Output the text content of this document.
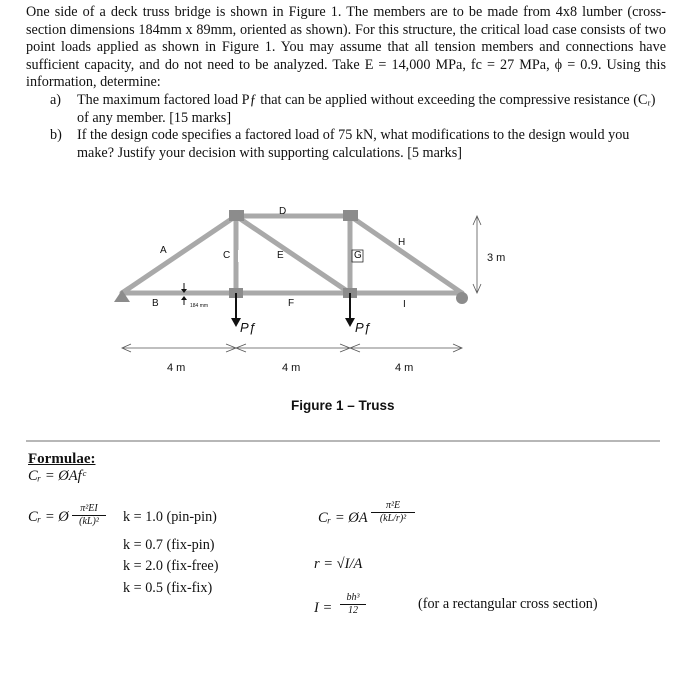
One side of a deck truss bridge is shown in Figure 1. The members are to be made from 4x8 lumber (cross-section dimensions 184mm x 89mm, oriented as shown). For this structure, the critical load case consists of two point loads applied as shown in Figure 1. You may assume that all tension members and connections have sufficient capacity, and do not need to be analyzed. Take E = 14,000 MPa, fc = 27 MPa, ϕ = 0.9. Using this information, determine:
a) The maximum factored load Pƒ that can be applied without exceeding the compressive resistance (Cᵣ) of any member. [15 marks]
b) If the design code specifies a factored load of 75 kN, what modifications to the design would you make? Justify your decision with supporting calculations. [5 marks]
A
B
C
D
E
F
G
H
I
184 mm
Pƒ	Pƒ
4 m	4 m	4 m
3 m
Figure 1 – Truss
Formulae:
Cᵣ = ØAfᶜ
Cᵣ = Ø $\frac{\text{π²EI}}{\text{(kL)²}}$ k = 1.0 (pin-pin)
k = 0.7 (fix-pin)
k = 2.0 (fix-free)
k = 0.5 (fix-fix)
Cᵣ = ØA $\frac{\text{π²E}}{\text{(kL/r)²}}$
r = √I/A
$I = \frac{\text{bh³}}{12}$	(for a rectangular cross section)
